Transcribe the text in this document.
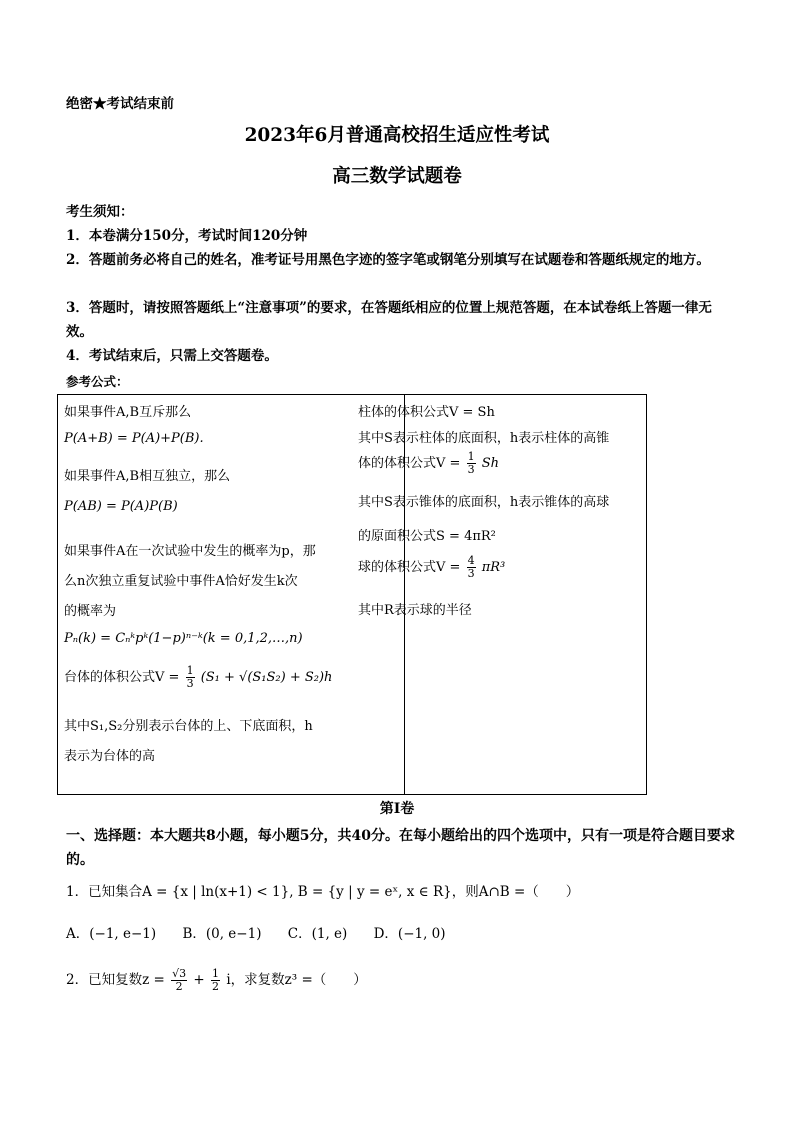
绝密★考试结束前
2023年6月普通高校招生适应性考试
高三数学试题卷
考生须知：
1．本卷满分150分，考试时间120分钟
2．答题前务必将自己的姓名，准考证号用黑色字迹的签字笔或钢笔分别填写在试题卷和答题纸规定的地方。
3．答题时，请按照答题纸上“注意事项”的要求，在答题纸相应的位置上规范答题，在本试卷纸上答题一律无效。
4．考试结束后，只需上交答题卷。
参考公式：
如果事件A,B互斥那么
P(A+B) = P(A)+P(B).
如果事件A,B相互独立，那么
P(AB) = P(A)P(B)
如果事件A在一次试验中发生的概率为p，那
么n次独立重复试验中事件A恰好发生k次
的概率为
Pₙ(k) = Cₙᵏpᵏ(1−p)ⁿ⁻ᵏ(k = 0,1,2,…,n)
台体的体积公式$V = \frac{1}{3} (S_1 + √(S_1S_2) + S_2)h$
其中S₁,S₂分别表示台体的上、下底面积，h
表示为台体的高
柱体的体积公式V = Sh
其中S表示柱体的底面积，h表示柱体的高锥
体的体积公式$V = \frac{1}{3}$ Sh
其中S表示锥体的底面积，h表示锥体的高球
的原面积公式S = 4πR²
球的体积公式$V = \frac{4}{3} \pi R^3$
其中R表示球的半径
第Ⅰ卷
一、选择题：本大题共8小题，每小题5分，共40分。在每小题给出的四个选项中，只有一项是符合题目要求的。
1．已知集合A = {x | ln(x+1) < 1}, B = {y | y = eˣ, x ∈ R}，则A∩B =（　　）
A．(−1, e−1) B．(0, e−1) C．(1, e) D．(−1, 0)
2．已知复数$z = \frac{√3}{2} + \frac{1}{2}$ i，求复数z³ =（　　）
